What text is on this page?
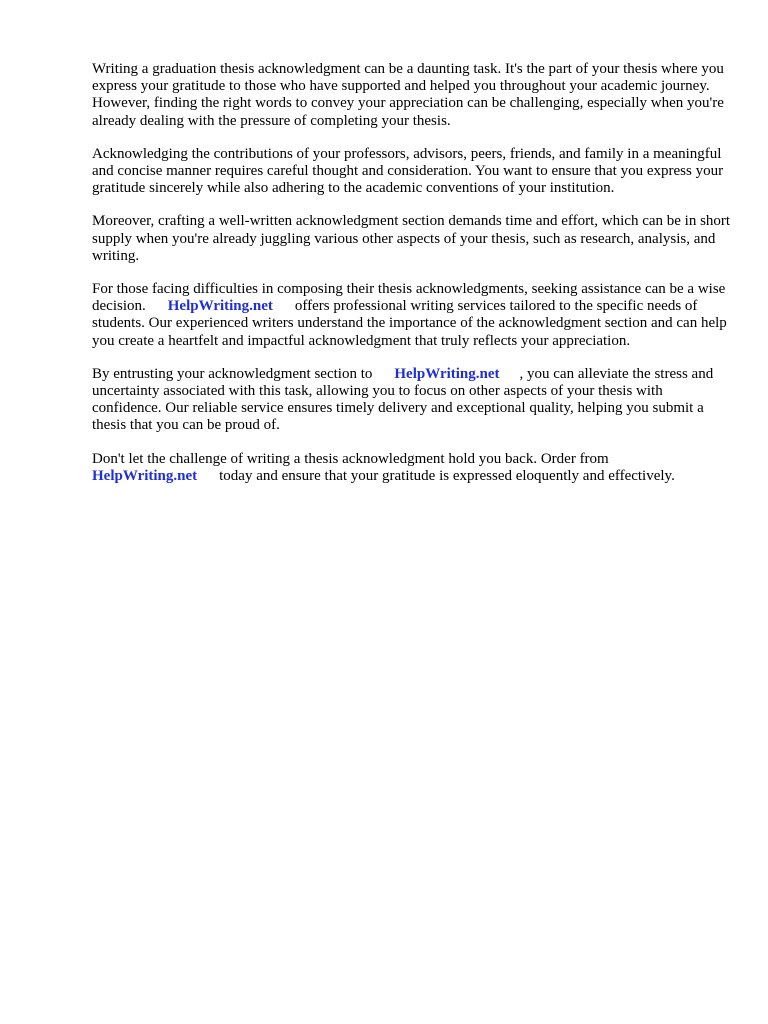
Writing a graduation thesis acknowledgment can be a daunting task. It's the part of your thesis where you express your gratitude to those who have supported and helped you throughout your academic journey. However, finding the right words to convey your appreciation can be challenging, especially when you're already dealing with the pressure of completing your thesis.

Acknowledging the contributions of your professors, advisors, peers, friends, and family in a meaningful and concise manner requires careful thought and consideration. You want to ensure that you express your gratitude sincerely while also adhering to the academic conventions of your institution.

Moreover, crafting a well-written acknowledgment section demands time and effort, which can be in short supply when you're already juggling various other aspects of your thesis, such as research, analysis, and writing.

For those facing difficulties in composing their thesis acknowledgments, seeking assistance can be a wise decision. HelpWriting.net offers professional writing services tailored to the specific needs of students. Our experienced writers understand the importance of the acknowledgment section and can help you create a heartfelt and impactful acknowledgment that truly reflects your appreciation.

By entrusting your acknowledgment section to HelpWriting.net , you can alleviate the stress and uncertainty associated with this task, allowing you to focus on other aspects of your thesis with confidence. Our reliable service ensures timely delivery and exceptional quality, helping you submit a thesis that you can be proud of.

Don't let the challenge of writing a thesis acknowledgment hold you back. Order from
HelpWriting.net today and ensure that your gratitude is expressed eloquently and effectively.
